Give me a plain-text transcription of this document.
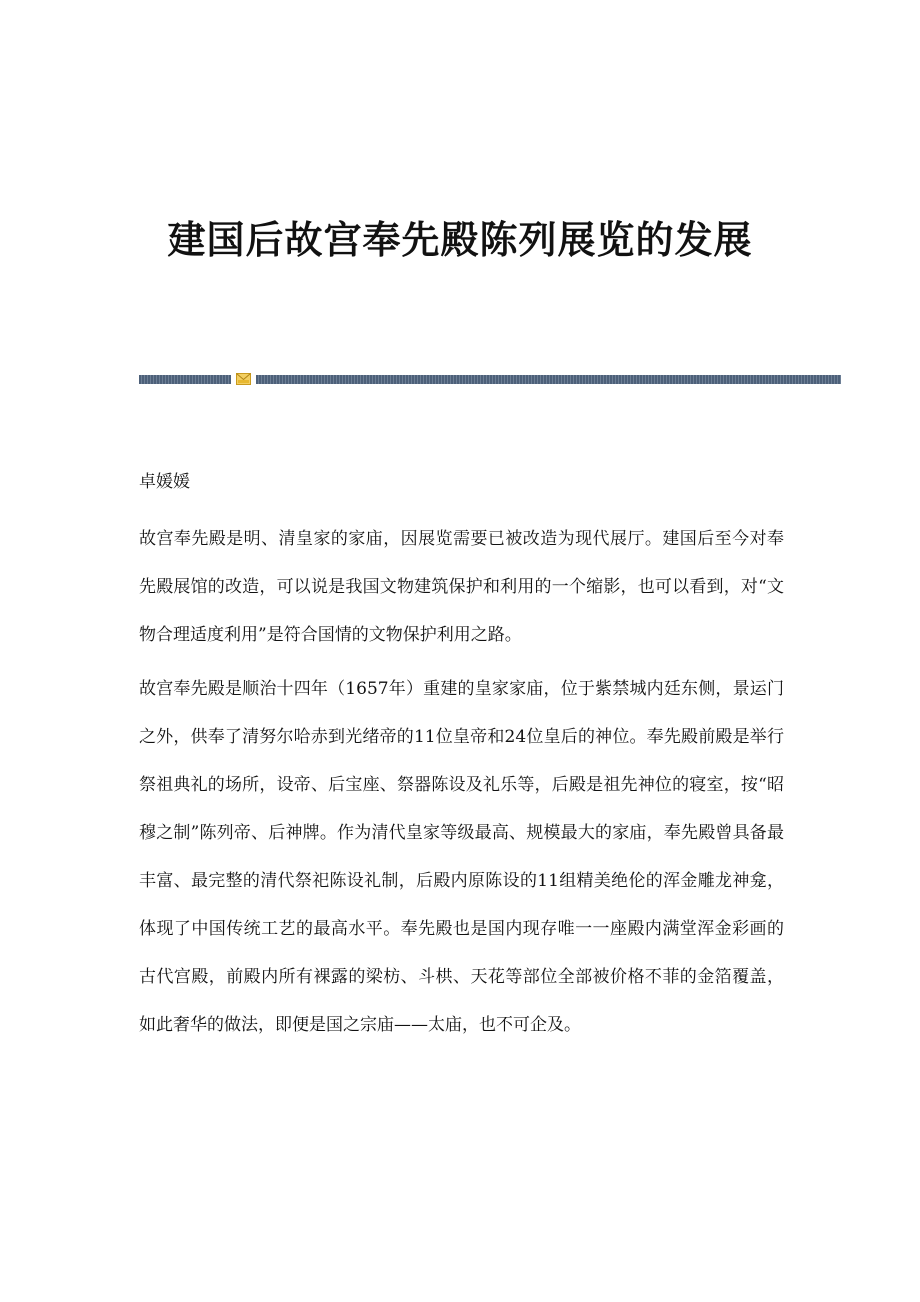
建国后故宫奉先殿陈列展览的发展

卓媛媛

故宫奉先殿是明、清皇家的家庙，因展览需要已被改造为现代展厅。建国后至今对奉先殿展馆的改造，可以说是我国文物建筑保护和利用的一个缩影，也可以看到，对“文物合理适度利用”是符合国情的文物保护利用之路。

故宫奉先殿是顺治十四年（1657年）重建的皇家家庙，位于紫禁城内廷东侧，景运门之外，供奉了清努尔哈赤到光绪帝的11位皇帝和24位皇后的神位。奉先殿前殿是举行祭祖典礼的场所，设帝、后宝座、祭器陈设及礼乐等，后殿是祖先神位的寝室，按“昭穆之制”陈列帝、后神牌。作为清代皇家等级最高、规模最大的家庙，奉先殿曾具备最丰富、最完整的清代祭祀陈设礼制，后殿内原陈设的11组精美绝伦的浑金雕龙神龛，体现了中国传统工艺的最高水平。奉先殿也是国内现存唯一一座殿内满堂浑金彩画的古代宫殿，前殿内所有裸露的梁枋、斗栱、天花等部位全部被价格不菲的金箔覆盖，如此奢华的做法，即便是国之宗庙——太庙，也不可企及。
